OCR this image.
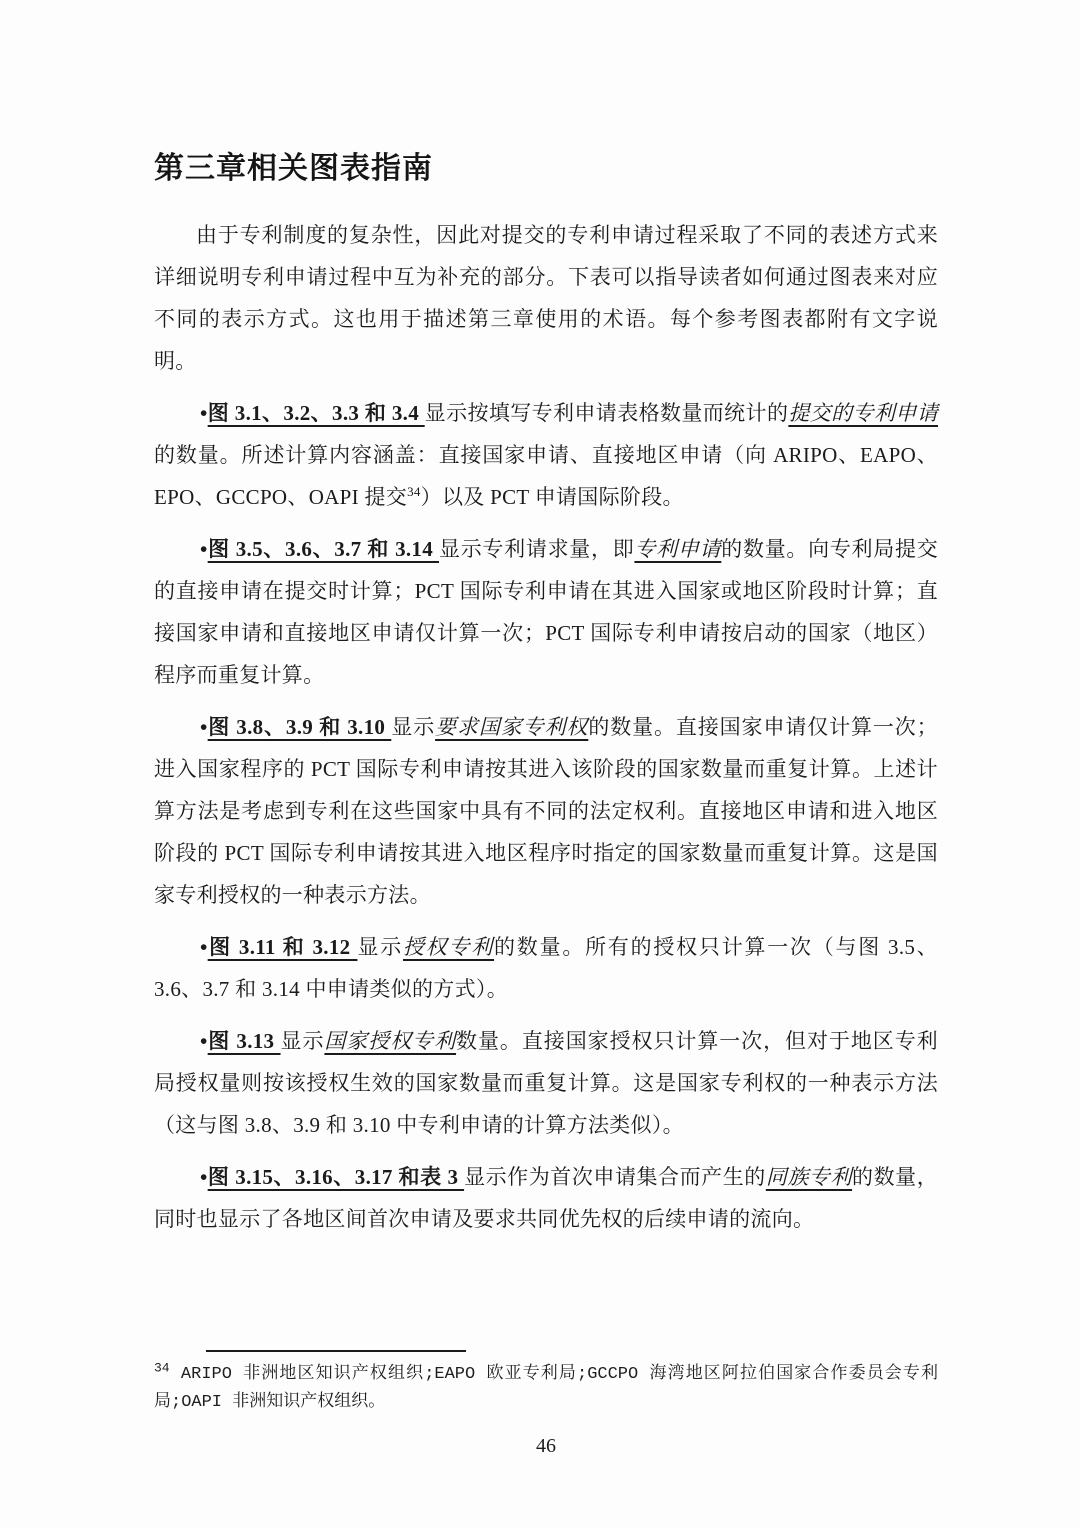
第三章相关图表指南

由于专利制度的复杂性，因此对提交的专利申请过程采取了不同的表述方式来详细说明专利申请过程中互为补充的部分。下表可以指导读者如何通过图表来对应不同的表示方式。这也用于描述第三章使用的术语。每个参考图表都附有文字说明。

•图 3.1、3.2、3.3 和 3.4 显示按填写专利申请表格数量而统计的提交的专利申请的数量。所述计算内容涵盖：直接国家申请、直接地区申请（向 ARIPO、EAPO、EPO、GCCPO、OAPI 提交$^{34}$）以及 PCT 申请国际阶段。

•图 3.5、3.6、3.7 和 3.14 显示专利请求量，即专利申请的数量。向专利局提交的直接申请在提交时计算；PCT 国际专利申请在其进入国家或地区阶段时计算；直接国家申请和直接地区申请仅计算一次；PCT 国际专利申请按启动的国家（地区）程序而重复计算。

•图 3.8、3.9 和 3.10 显示要求国家专利权的数量。直接国家申请仅计算一次；进入国家程序的 PCT 国际专利申请按其进入该阶段的国家数量而重复计算。上述计算方法是考虑到专利在这些国家中具有不同的法定权利。直接地区申请和进入地区阶段的 PCT 国际专利申请按其进入地区程序时指定的国家数量而重复计算。这是国家专利授权的一种表示方法。

•图 3.11 和 3.12 显示授权专利的数量。所有的授权只计算一次（与图 3.5、3.6、3.7 和 3.14 中申请类似的方式）。

•图 3.13 显示国家授权专利数量。直接国家授权只计算一次，但对于地区专利局授权量则按该授权生效的国家数量而重复计算。这是国家专利权的一种表示方法（这与图 3.8、3.9 和 3.10 中专利申请的计算方法类似）。

•图 3.15、3.16、3.17 和表 3 显示作为首次申请集合而产生的同族专利的数量，同时也显示了各地区间首次申请及要求共同优先权的后续申请的流向。

$^{34}$ ARIPO 非洲地区知识产权组织;EAPO 欧亚专利局;GCCPO 海湾地区阿拉伯国家合作委员会专利局;OAPI 非洲知识产权组织。

46
